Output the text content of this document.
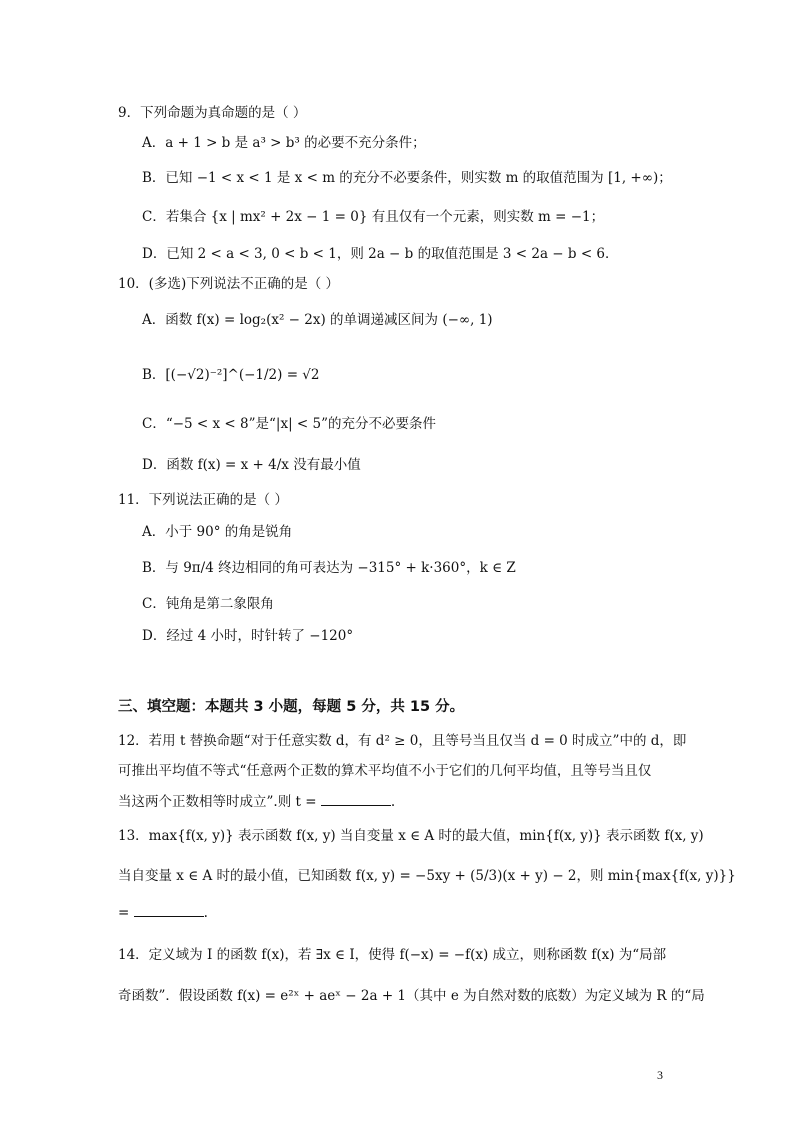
9．下列命题为真命题的是（ ）
A．a + 1 > b 是 a³ > b³ 的必要不充分条件；
B．已知 −1 < x < 1 是 x < m 的充分不必要条件，则实数 m 的取值范围为 [1, +∞)；
C．若集合 {x | mx² + 2x − 1 = 0} 有且仅有一个元素，则实数 m = −1；
D．已知 2 < a < 3, 0 < b < 1，则 2a − b 的取值范围是 3 < 2a − b < 6．
10．(多选)下列说法不正确的是（ ）
A．函数 f(x) = log₂(x² − 2x) 的单调递减区间为 (−∞, 1)
B．[(−√2)⁻²]^(−1/2) = √2
C．“−5 < x < 8”是“|x| < 5”的充分不必要条件
D．函数 f(x) = x + 4/x 没有最小值
11．下列说法正确的是（ ）
A．小于 90° 的角是锐角
B．与 9π/4 终边相同的角可表达为 −315° + k·360°，k ∈ Z
C．钝角是第二象限角
D．经过 4 小时，时针转了 −120°
三、填空题：本题共 3 小题，每题 5 分，共 15 分。
12．若用 t 替换命题“对于任意实数 d，有 d² ≥ 0，且等号当且仅当 d = 0 时成立”中的 d，即
可推出平均值不等式“任意两个正数的算术平均值不小于它们的几何平均值，且等号当且仅
当这两个正数相等时成立”.则 t =	.
13．max{f(x, y)} 表示函数 f(x, y) 当自变量 x ∈ A 时的最大值，min{f(x, y)} 表示函数 f(x, y)
当自变量 x ∈ A 时的最小值，已知函数 f(x, y) = −5xy + (5/3)(x + y) − 2，则 min{max{f(x, y)}}
=	.
14．定义域为 I 的函数 f(x)，若 ∃x ∈ I，使得 f(−x) = −f(x) 成立，则称函数 f(x) 为“局部
奇函数”．假设函数 f(x) = e²ˣ + aeˣ − 2a + 1（其中 e 为自然对数的底数）为定义域为 R 的“局
3
